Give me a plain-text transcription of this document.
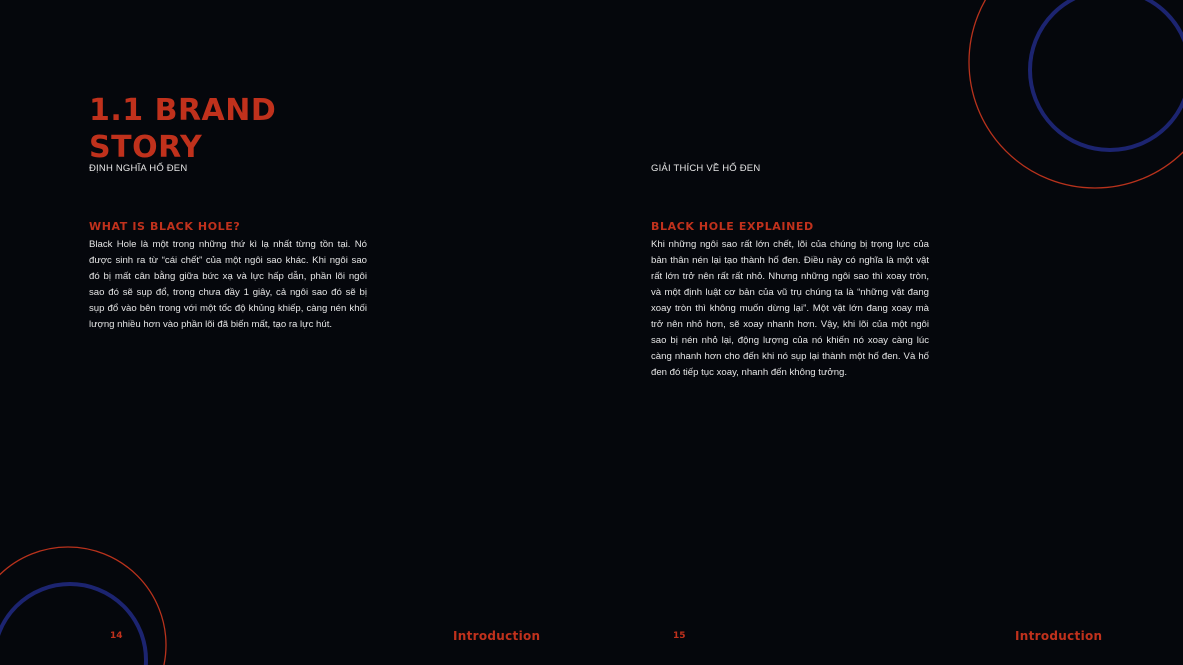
1.1 BRAND STORY
ĐỊNH NGHĨA HỐ ĐEN
WHAT IS BLACK HOLE?

Black Hole là một trong những thứ kì lạ nhất từng tồn tại. Nó được sinh ra từ “cái chết” của một ngôi sao khác. Khi ngôi sao đó bị mất cân bằng giữa bức xạ và lực hấp dẫn, phần lõi ngôi sao đó sẽ sụp đổ, trong chưa đầy 1 giây, cả ngôi sao đó sẽ bị sụp đổ vào bên trong với một tốc độ khủng khiếp, càng nén khối lượng nhiều hơn vào phần lõi đã biến mất, tạo ra lực hút.

14	Introduction
GIẢI THÍCH VỀ HỐ ĐEN
BLACK HOLE EXPLAINED

Khi những ngôi sao rất lớn chết, lõi của chúng bị trọng lực của bản thân nén lại tạo thành hố đen. Điều này có nghĩa là một vật rất lớn trở nên rất rất nhỏ. Nhưng những ngôi sao thì xoay tròn, và một định luật cơ bản của vũ trụ chúng ta là “những vật đang xoay tròn thì không muốn dừng lại”. Một vật lớn đang xoay mà trở nên nhỏ hơn, sẽ xoay nhanh hơn. Vậy, khi lõi của một ngôi sao bị nén nhỏ lại, động lượng của nó khiến nó xoay càng lúc càng nhanh hơn cho đến khi nó sụp lại thành một hố đen. Và hố đen đó tiếp tục xoay, nhanh đến không tưởng.

15	Introduction
